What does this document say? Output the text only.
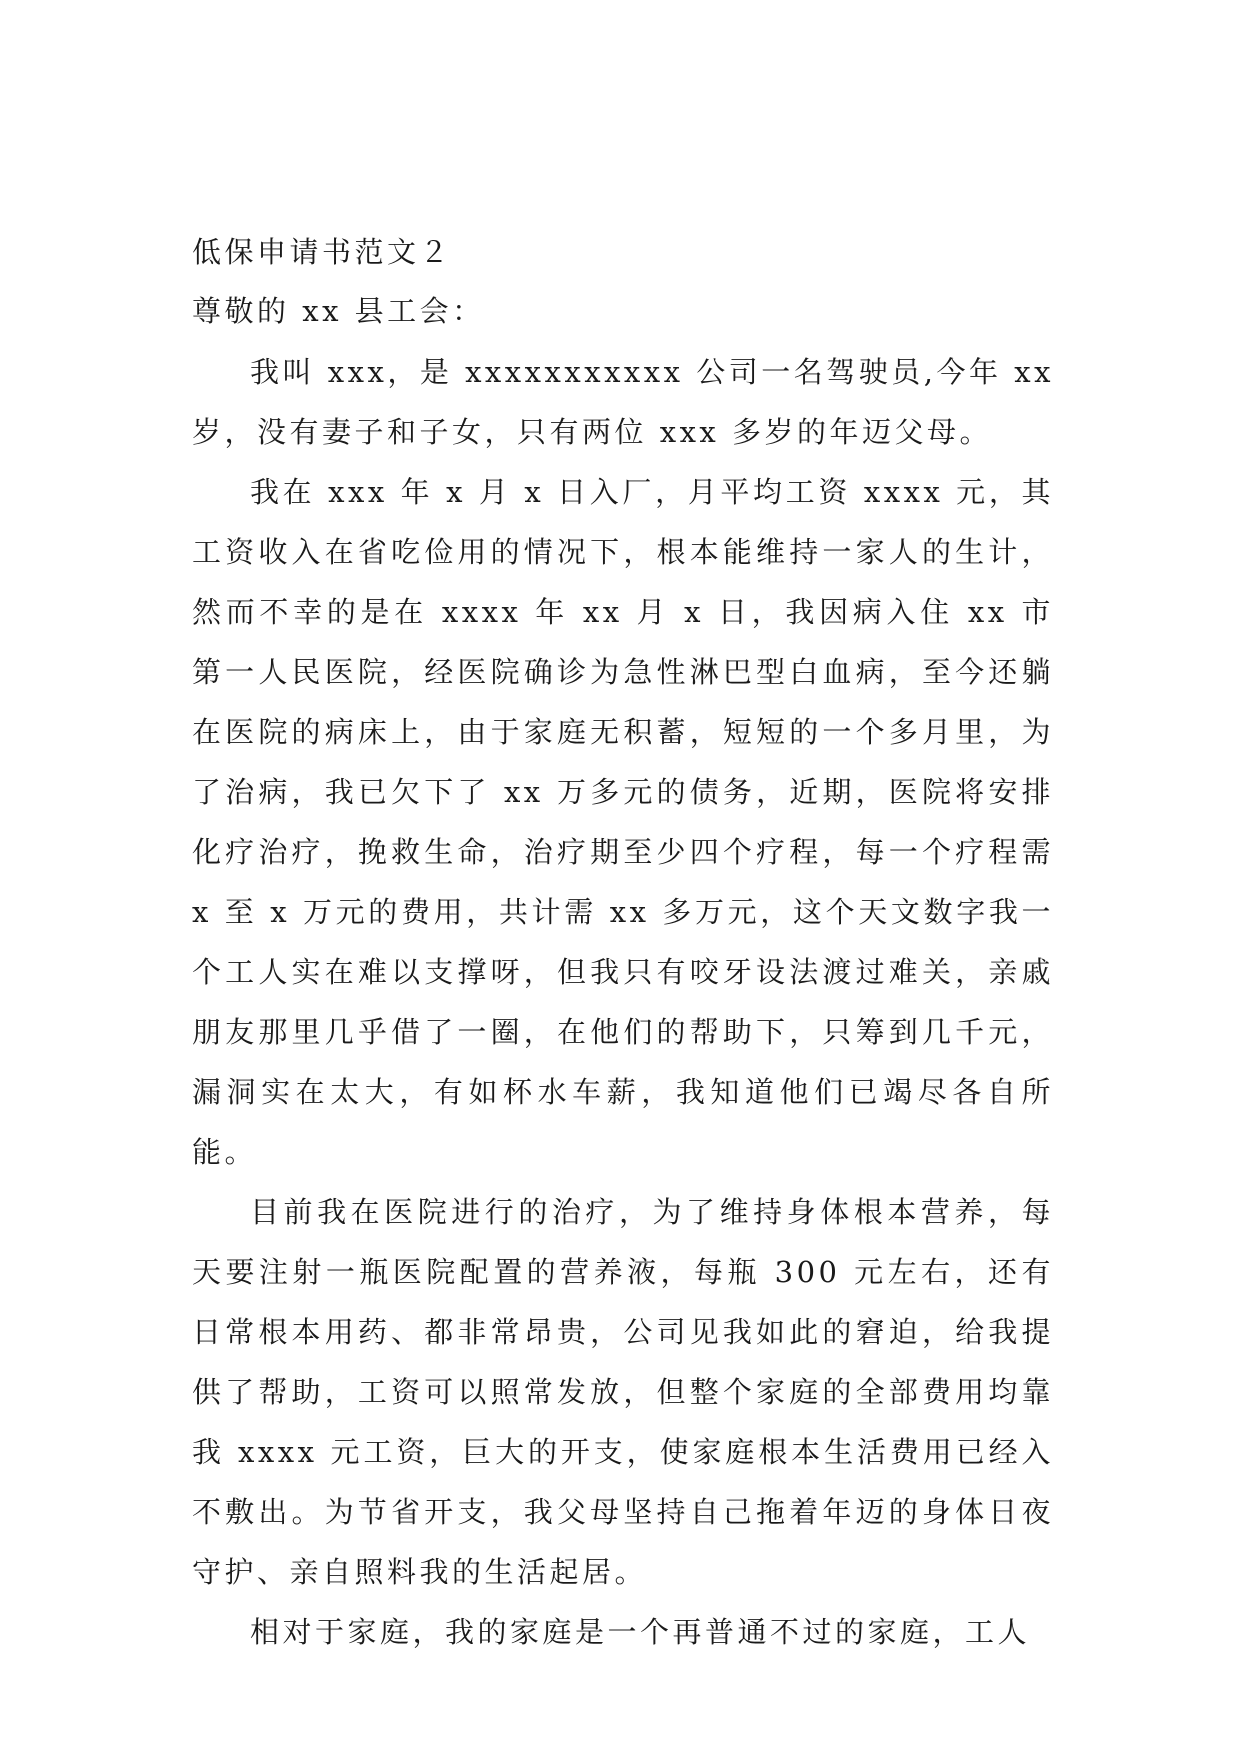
低保申请书范文２

尊敬的 xx 县工会：

我叫 xxx，是 xxxxxxxxxxx 公司一名驾驶员,今年 xx 岁，没有妻子和子女，只有两位 xxx 多岁的年迈父母。

我在 xxx 年 x 月 x 日入厂，月平均工资 xxxx 元，其工资收入在省吃俭用的情况下，根本能维持一家人的生计，然而不幸的是在 xxxx 年 xx 月 x 日，我因病入住 xx 市第一人民医院，经医院确诊为急性淋巴型白血病，至今还躺在医院的病床上，由于家庭无积蓄，短短的一个多月里，为了治病，我已欠下了 xx 万多元的债务，近期，医院将安排化疗治疗，挽救生命，治疗期至少四个疗程，每一个疗程需 x 至 x 万元的费用，共计需 xx 多万元，这个天文数字我一个工人实在难以支撑呀，但我只有咬牙设法渡过难关，亲戚朋友那里几乎借了一圈，在他们的帮助下，只筹到几千元，漏洞实在太大，有如杯水车薪，我知道他们已竭尽各自所能。

目前我在医院进行的治疗，为了维持身体根本营养，每天要注射一瓶医院配置的营养液，每瓶 300 元左右，还有日常根本用药、都非常昂贵，公司见我如此的窘迫，给我提供了帮助，工资可以照常发放，但整个家庭的全部费用均靠我 xxxx 元工资，巨大的开支，使家庭根本生活费用已经入不敷出。为节省开支，我父母坚持自己拖着年迈的身体日夜守护、亲自照料我的生活起居。

相对于家庭，我的家庭是一个再普通不过的家庭，工人
